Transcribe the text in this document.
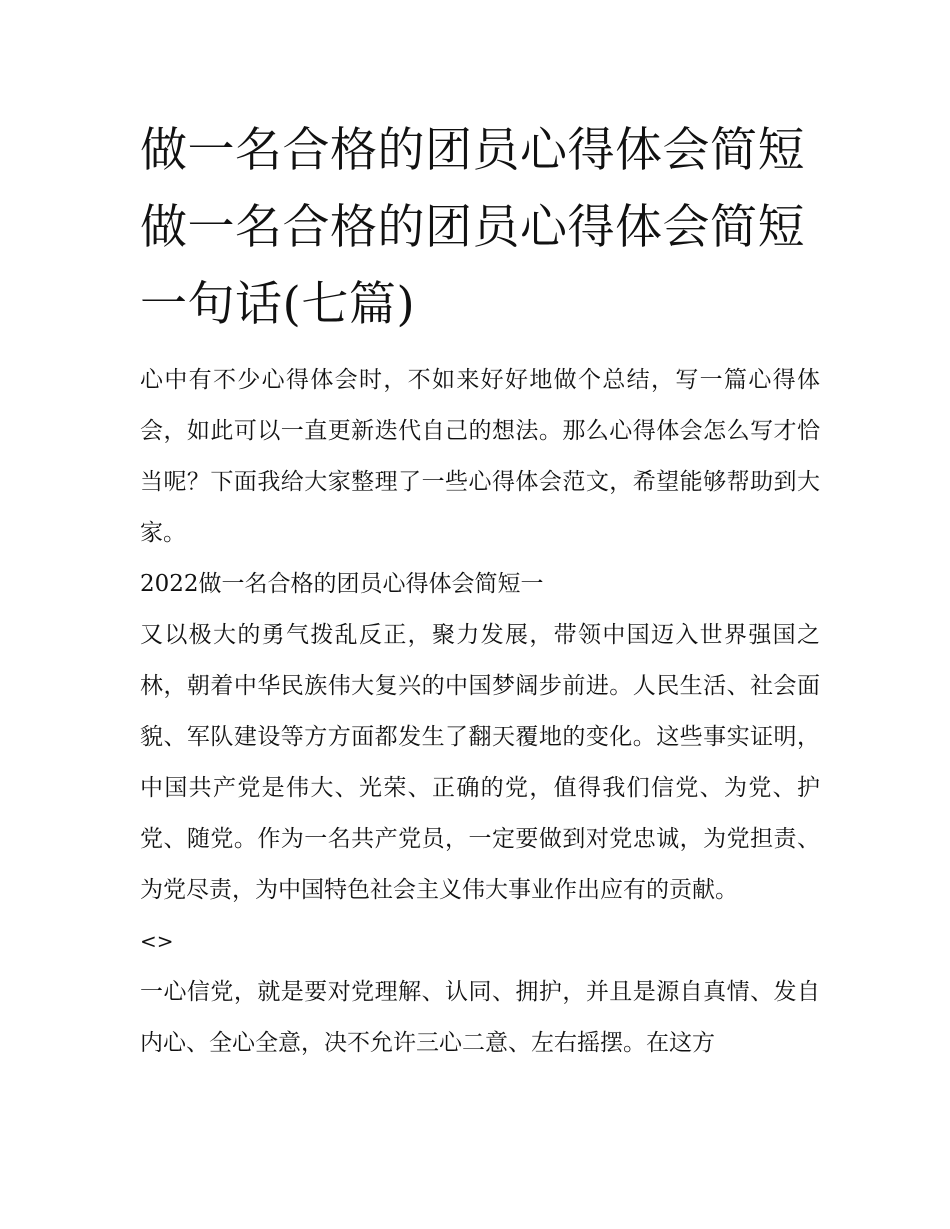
做一名合格的团员心得体会简短 做一名合格的团员心得体会简短一句话(七篇)

心中有不少心得体会时，不如来好好地做个总结，写一篇心得体会，如此可以一直更新迭代自己的想法。那么心得体会怎么写才恰当呢？下面我给大家整理了一些心得体会范文，希望能够帮助到大家。

2022做一名合格的团员心得体会简短一

又以极大的勇气拨乱反正，聚力发展，带领中国迈入世界强国之林，朝着中华民族伟大复兴的中国梦阔步前进。人民生活、社会面貌、军队建设等方方面都发生了翻天覆地的变化。这些事实证明，中国共产党是伟大、光荣、正确的党，值得我们信党、为党、护党、随党。作为一名共产党员，一定要做到对党忠诚，为党担责、为党尽责，为中国特色社会主义伟大事业作出应有的贡献。

<>

一心信党，就是要对党理解、认同、拥护，并且是源自真情、发自内心、全心全意，决不允许三心二意、左右摇摆。在这方
